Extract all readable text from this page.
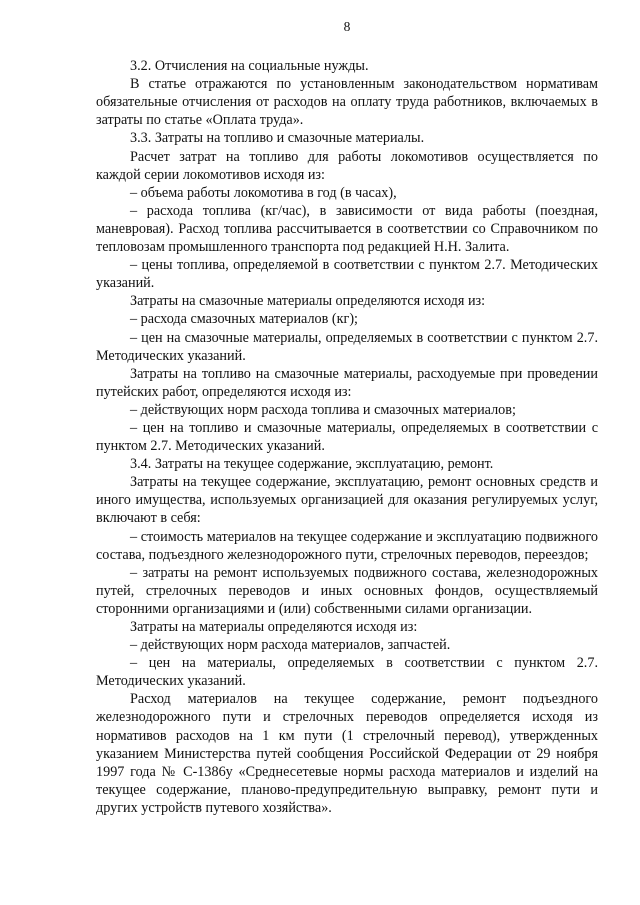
8

3.2. Отчисления на социальные нужды.

В статье отражаются по установленным законодательством нормативам обязательные отчисления от расходов на оплату труда работников, включаемых в затраты по статье «Оплата труда».

3.3. Затраты на топливо и смазочные материалы.

Расчет затрат на топливо для работы локомотивов осуществляется по каждой серии локомотивов исходя из:

– объема работы локомотива в год (в часах),

– расхода топлива (кг/час), в зависимости от вида работы (поездная, маневровая). Расход топлива рассчитывается в соответствии со Справочником по тепловозам промышленного транспорта под редакцией Н.Н. Залита.

– цены топлива, определяемой в соответствии с пунктом 2.7. Методических указаний.

Затраты на смазочные материалы определяются исходя из:

– расхода смазочных материалов (кг);

– цен на смазочные материалы, определяемых в соответствии с пунктом 2.7. Методических указаний.

Затраты на топливо на смазочные материалы, расходуемые при проведении путейских работ, определяются исходя из:

– действующих норм расхода топлива и смазочных материалов;

– цен на топливо и смазочные материалы, определяемых в соответствии с пунктом 2.7. Методических указаний.

3.4. Затраты на текущее содержание, эксплуатацию, ремонт.

Затраты на текущее содержание, эксплуатацию, ремонт основных средств и иного имущества, используемых организацией для оказания регулируемых услуг, включают в себя:

– стоимость материалов на текущее содержание и эксплуатацию подвижного состава, подъездного железнодорожного пути, стрелочных переводов, переездов;

– затраты на ремонт используемых подвижного состава, железнодорожных путей, стрелочных переводов и иных основных фондов, осуществляемый сторонними организациями и (или) собственными силами организации.

Затраты на материалы определяются исходя из:

– действующих норм расхода материалов, запчастей.

– цен на материалы, определяемых в соответствии с пунктом 2.7. Методических указаний.

Расход материалов на текущее содержание, ремонт подъездного железнодорожного пути и стрелочных переводов определяется исходя из нормативов расходов на 1 км пути (1 стрелочный перевод), утвержденных указанием Министерства путей сообщения Российской Федерации от 29 ноября 1997 года № С-1386у «Среднесетевые нормы расхода материалов и изделий на текущее содержание, планово-предупредительную выправку, ремонт пути и других устройств путевого хозяйства».
